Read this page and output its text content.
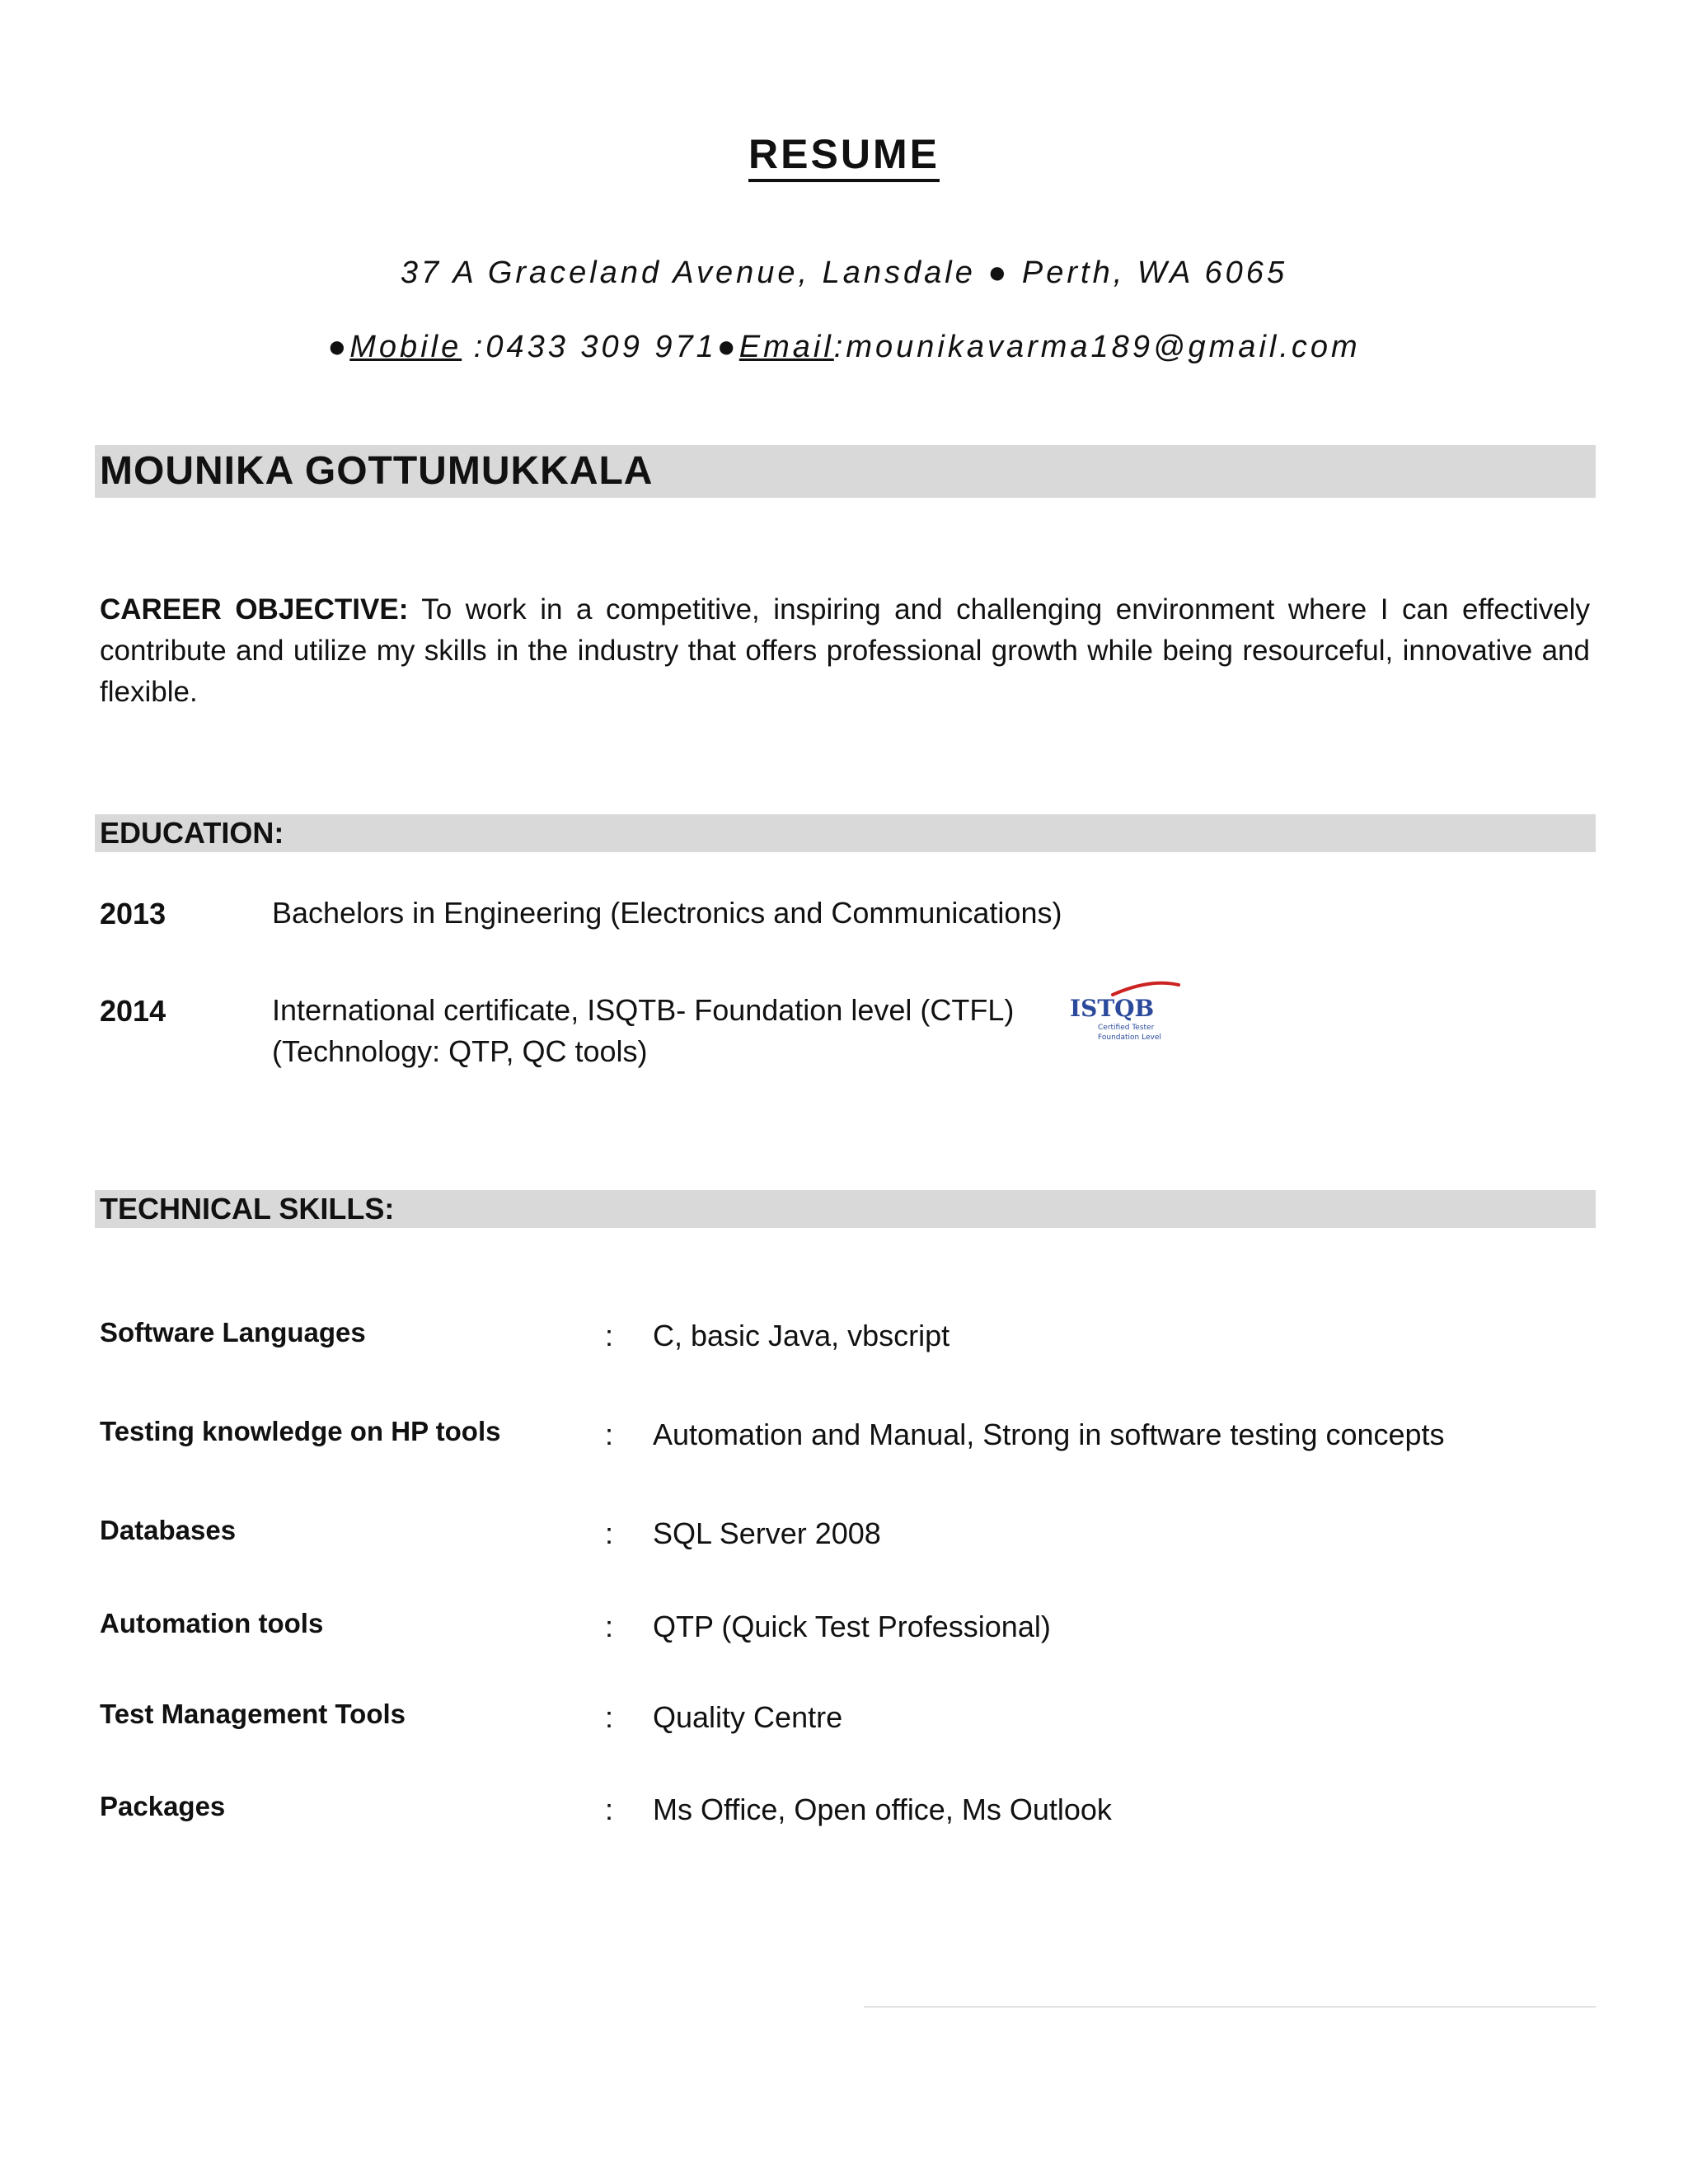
RESUME
37 A Graceland Avenue, Lansdale ● Perth, WA 6065
●Mobile :0433 309 971●Email:mounikavarma189@gmail.com
MOUNIKA GOTTUMUKKALA
CAREER OBJECTIVE: To work in a competitive, inspiring and challenging environment where I can effectively contribute and utilize my skills in the industry that offers professional growth while being resourceful, innovative and flexible.
EDUCATION:
2013	Bachelors in Engineering (Electronics and Communications)
2014	International certificate, ISQTB- Foundation level (CTFL)
(Technology: QTP, QC tools)
ISTQB
Certified Tester
Foundation Level
TECHNICAL SKILLS:
Software Languages	: C, basic Java, vbscript
Testing knowledge on HP tools	: Automation and Manual, Strong in software testing concepts
Databases	: SQL Server 2008
Automation tools	: QTP (Quick Test Professional)
Test Management Tools	: Quality Centre
Packages	: Ms Office, Open office, Ms Outlook
